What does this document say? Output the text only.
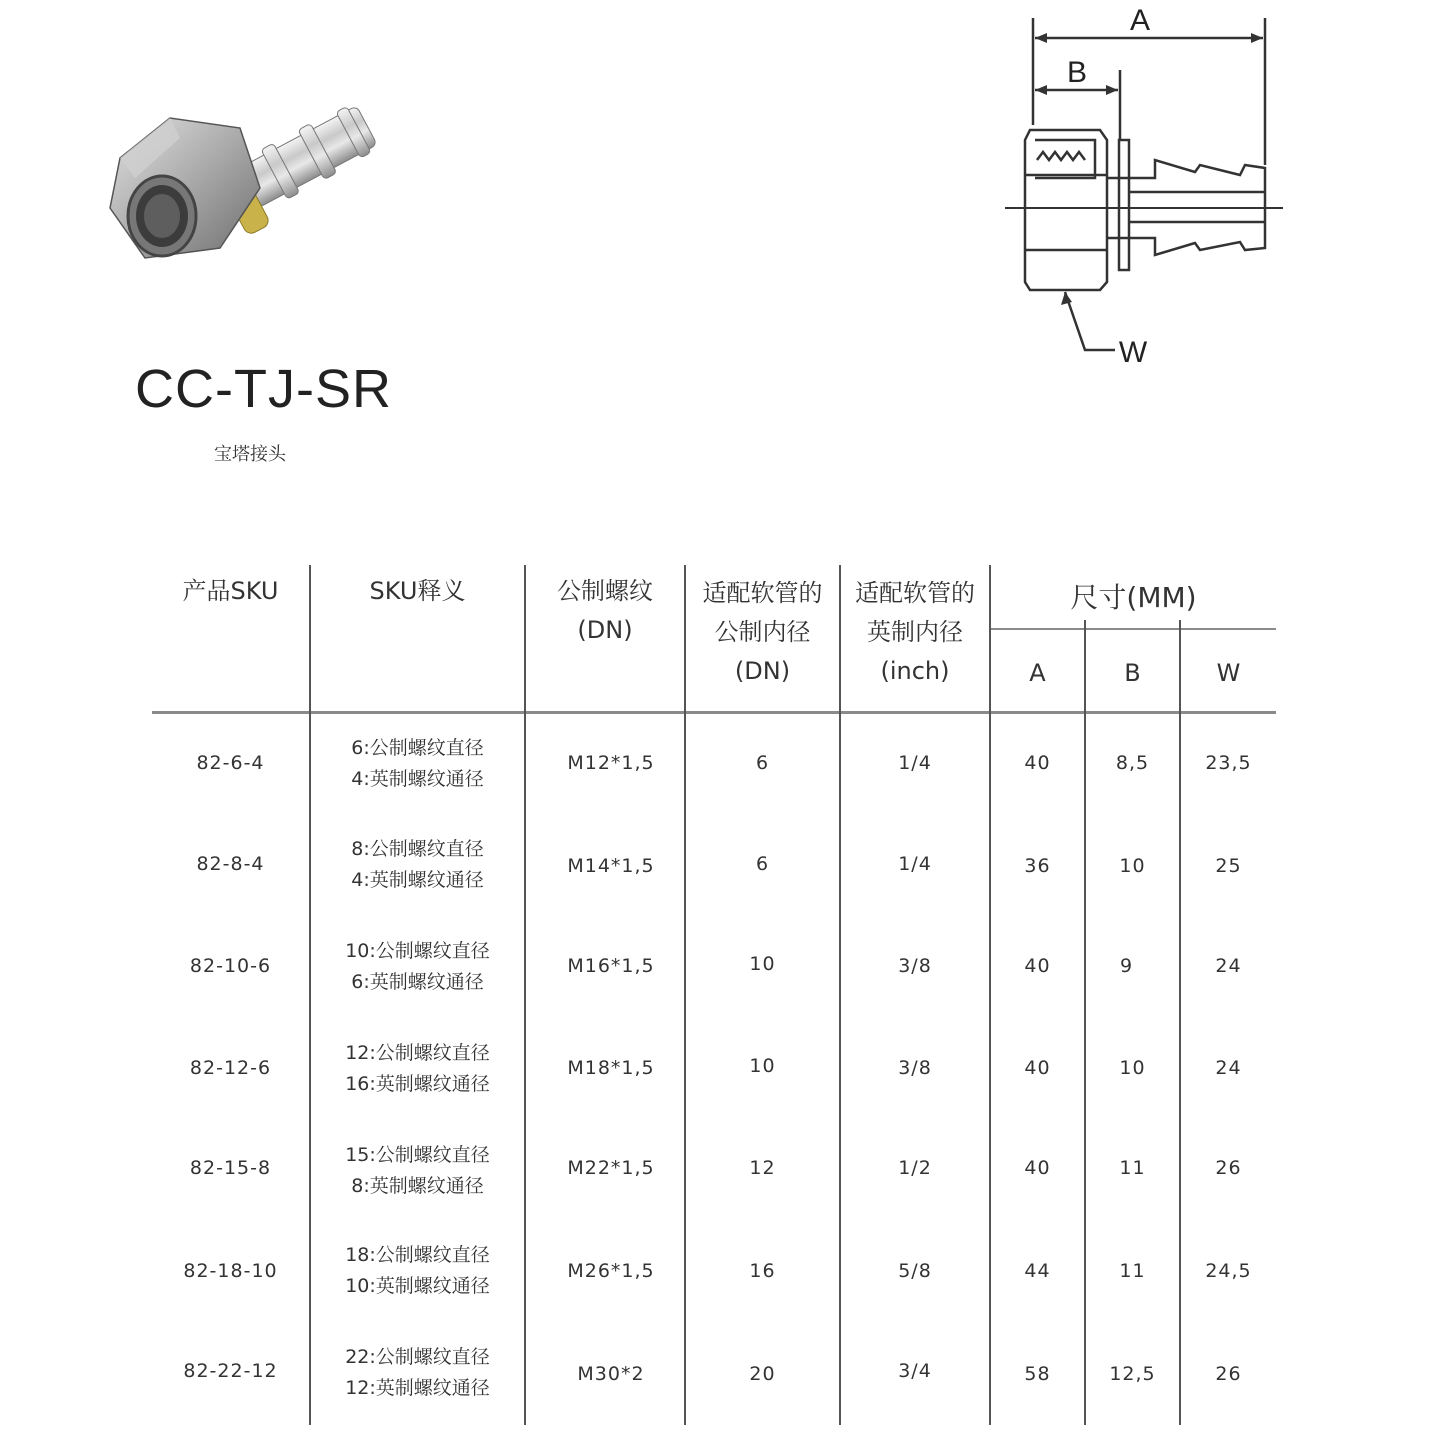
CC-TJ-SR
宝塔接头
A
B
W
产品SKU	SKU释义	公制螺纹
(DN)
适配软管的
公制内径
(DN)
适配软管的
英制内径
(inch)
尺寸(MM)
A	B	W
82-6-4
6:公制螺纹直径
4:英制螺纹通径
M12*1,5	6	1/4	40	8,5	23,5
82-8-4
8:公制螺纹直径
4:英制螺纹通径
M14*1,5	6	1/4	36	10	25
82-10-6
10:公制螺纹直径
6:英制螺纹通径
M16*1,5	10	3/8	40	9	24
82-12-6
12:公制螺纹直径
16:英制螺纹通径
M18*1,5	10	3/8	40	10	24
82-15-8
15:公制螺纹直径
8:英制螺纹通径
M22*1,5	12	1/2	40	11	26
82-18-10
18:公制螺纹直径
10:英制螺纹通径
M26*1,5	16	5/8	44	11	24,5
82-22-12
22:公制螺纹直径
12:英制螺纹通径
M30*2	20	3/4	58	12,5	26
